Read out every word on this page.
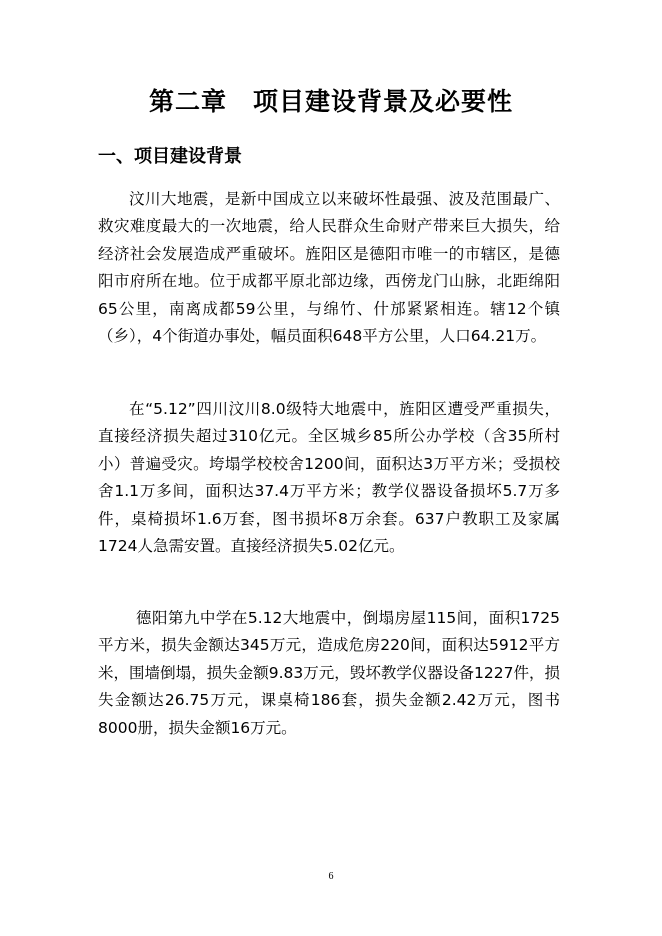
第二章　项目建设背景及必要性
一、项目建设背景

汶川大地震，是新中国成立以来破坏性最强、波及范围最广、救灾难度最大的一次地震，给人民群众生命财产带来巨大损失，给经济社会发展造成严重破坏。旌阳区是德阳市唯一的市辖区，是德阳市府所在地。位于成都平原北部边缘，西傍龙门山脉，北距绵阳65公里，南离成都59公里，与绵竹、什邡紧紧相连。辖12个镇（乡），4个街道办事处，幅员面积648平方公里，人口64.21万。

在“5.12”四川汶川8.0级特大地震中，旌阳区遭受严重损失，直接经济损失超过310亿元。全区城乡85所公办学校（含35所村小）普遍受灾。垮塌学校校舍1200间，面积达3万平方米；受损校舍1.1万多间，面积达37.4万平方米；教学仪器设备损坏5.7万多件，桌椅损坏1.6万套，图书损坏8万余套。637户教职工及家属1724人急需安置。直接经济损失5.02亿元。

德阳第九中学在5.12大地震中，倒塌房屋115间，面积1725平方米，损失金额达345万元，造成危房220间，面积达5912平方米，围墙倒塌，损失金额9.83万元，毁坏教学仪器设备1227件，损失金额达26.75万元，课桌椅186套，损失金额2.42万元，图书8000册，损失金额16万元。

6
